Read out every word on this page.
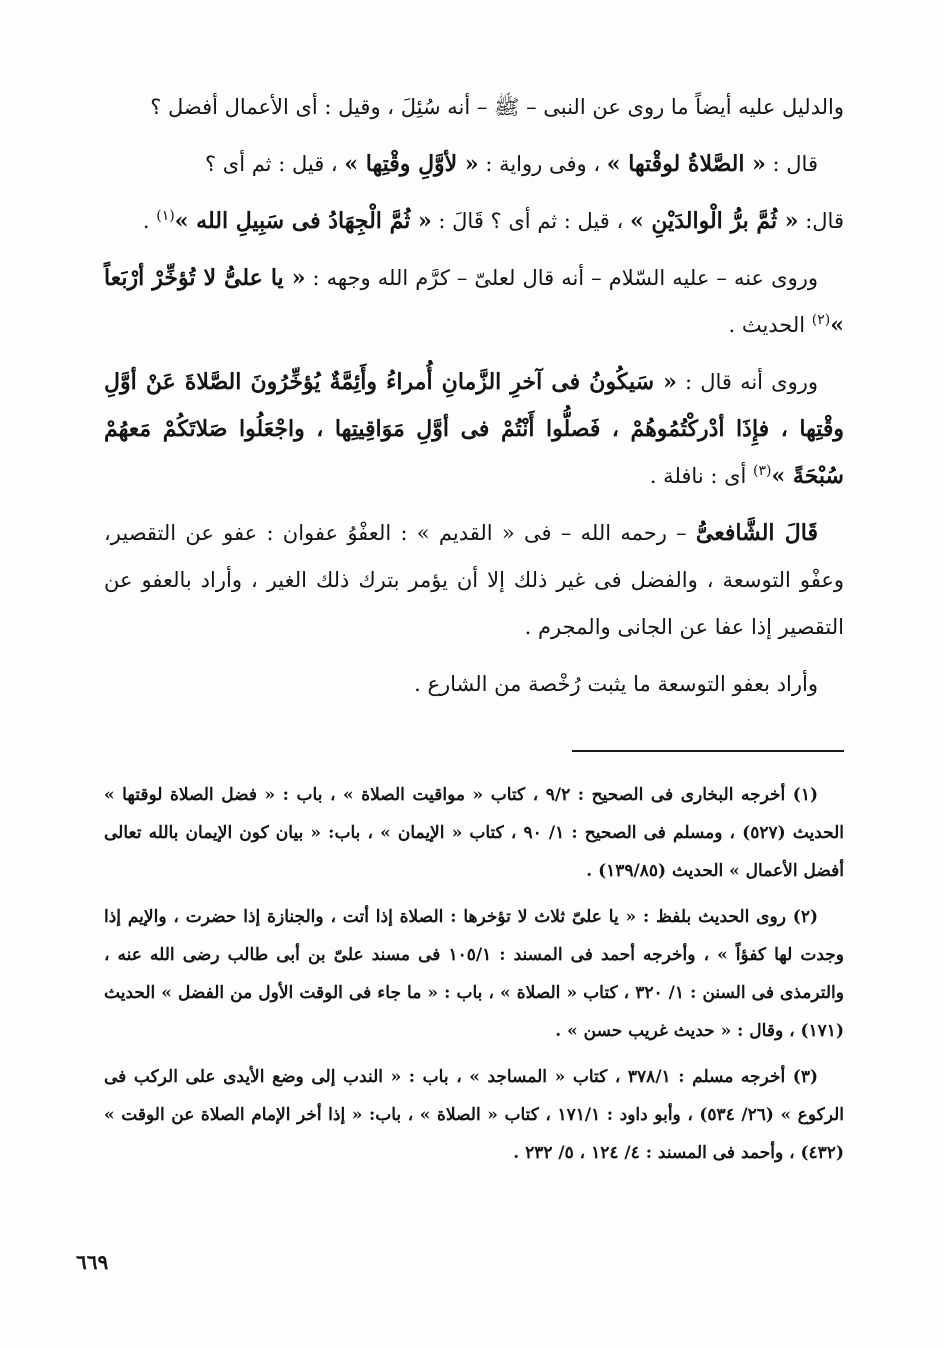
والدليل عليه أيضاً ما روى عن النبى – ﷺ – أنه سُئِلَ ، وقيل : أى الأعمال أفضل ؟

قال : « الصَّلاةُ لوقْتها » ، وفى رواية : « لأوَّلِ وقْتِها » ، قيل : ثم أى ؟

قال: « ثُمَّ برُّ الْوالدَيْنِ » ، قيل : ثم أى ؟ قَالَ : « ثُمَّ الْجِهَادُ فى سَبِيلِ الله »$^{(١)}$ .

وروى عنه – عليه السّلام – أنه قال لعلىّ – كرَّم الله وجهه : « يا علىُّ لا تُؤخِّرْ أرْبَعاً »$^{(٢)}$ الحديث .

وروى أنه قال : « سَيكُونُ فى آخرِ الزَّمانِ أُمراءُ وأَئِمَّةٌ يُؤخِّرُونَ الصَّلاةَ عَنْ أوَّلِ وقْتِها ، فإِذَا أدْركْتُمُوهُمْ ، فَصلُّوا أَنْتُمْ فى أوَّلِ مَوَاقِيتِها ، واجْعَلُوا صَلاتَكُمْ مَعهُمْ سُبْحَةً »$^{(٣)}$ أى : نافلة .

قَالَ الشَّافعىُّ – رحمه الله – فى « القديم » : العفْوُ عفوان : عفو عن التقصير، وعفْو التوسعة ، والفضل فى غير ذلك إلا أن يؤمر بترك ذلك الغير ، وأراد بالعفو عن التقصير إذا عفا عن الجانى والمجرم .

وأراد بعفو التوسعة ما يثبت رُخْصة من الشارع .

(١) أخرجه البخارى فى الصحيح : ٩/٢ ، كتاب « مواقيت الصلاة » ، باب : « فضل الصلاة لوقتها » الحديث (٥٢٧) ، ومسلم فى الصحيح : ١/ ٩٠ ، كتاب « الإيمان » ، باب: « بيان كون الإيمان بالله تعالى أفضل الأعمال » الحديث (١٣٩/٨٥) .

(٢) روى الحديث بلفظ : « يا علىّ ثلاث لا تؤخرها : الصلاة إذا أتت ، والجنازة إذا حضرت ، والإيم إذا وجدت لها كفؤاً » ، وأخرجه أحمد فى المسند : ١٠٥/١ فى مسند علىّ بن أبى طالب رضى الله عنه ، والترمذى فى السنن : ١/ ٣٢٠ ، كتاب « الصلاة » ، باب : « ما جاء فى الوقت الأول من الفضل » الحديث (١٧١) ، وقال : « حديث غريب حسن » .

(٣) أخرجه مسلم : ٣٧٨/١ ، كتاب « المساجد » ، باب : « الندب إلى وضع الأيدى على الركب فى الركوع » (٢٦/ ٥٣٤) ، وأبو داود : ١٧١/١ ، كتاب « الصلاة » ، باب: « إذا أخر الإمام الصلاة عن الوقت » (٤٣٢) ، وأحمد فى المسند : ٤/ ١٢٤ ، ٥/ ٢٣٢ .

٦٦٩
